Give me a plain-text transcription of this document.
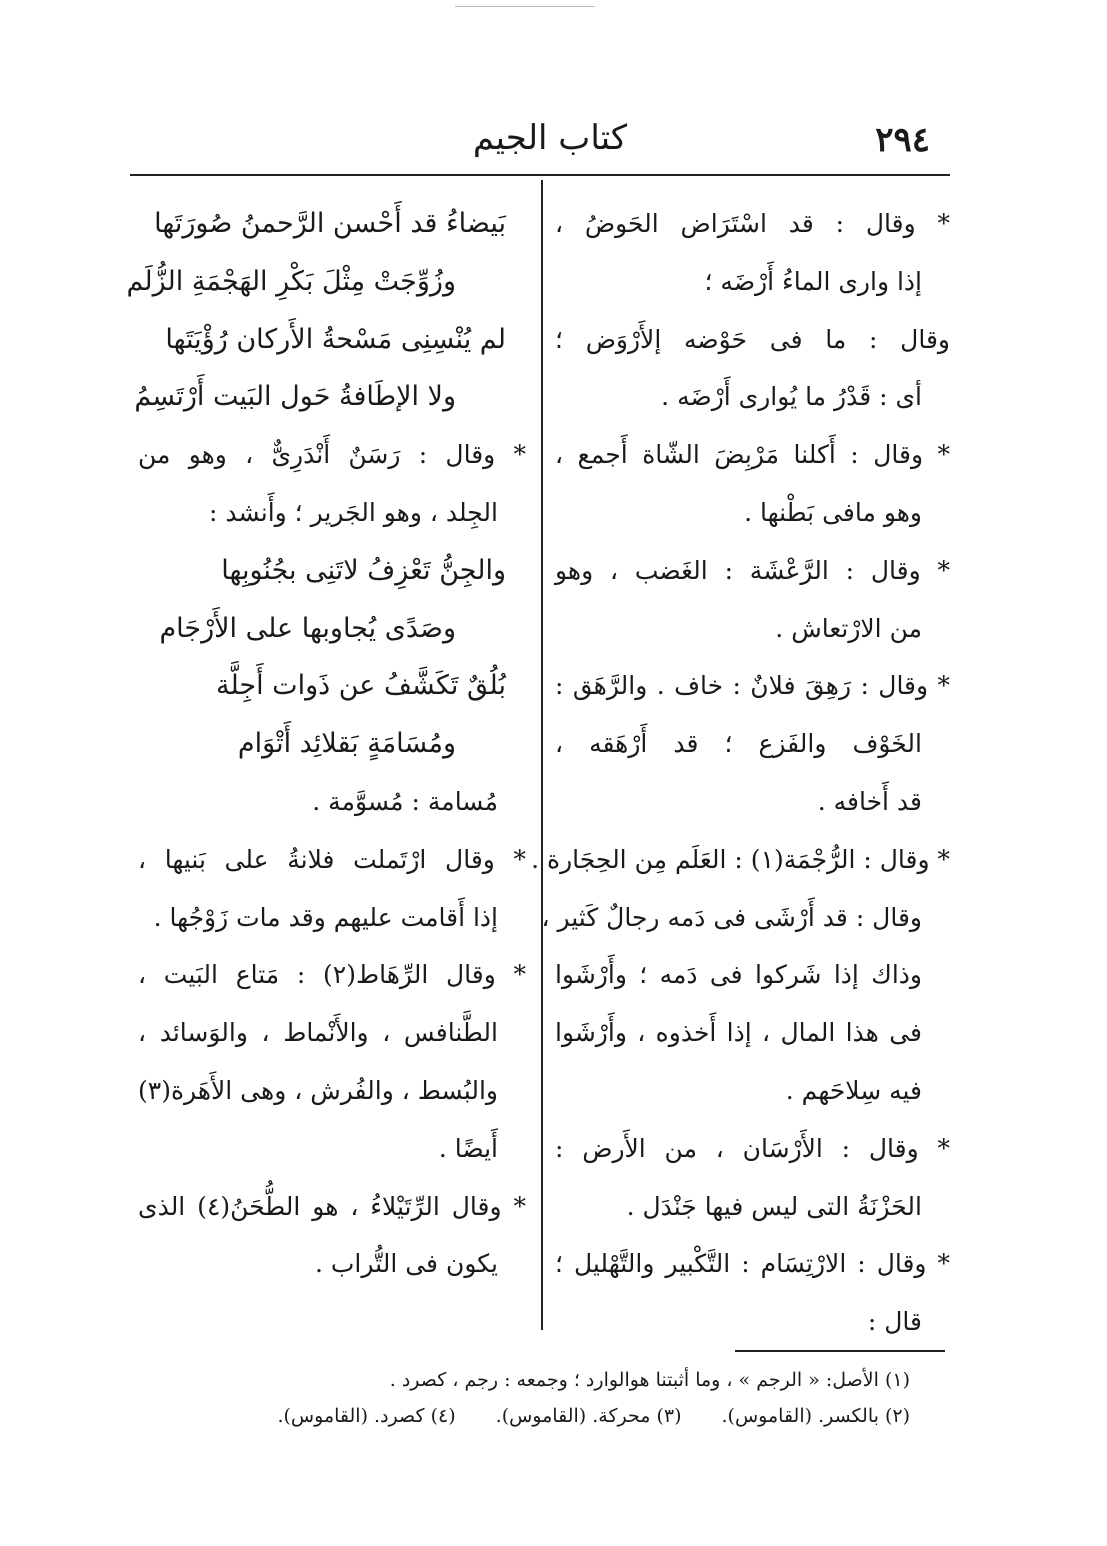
٢٩٤
كتاب الجيم
* وقال : قد اسْتَرَاض الحَوضُ ،
إذا وارى الماءُ أَرْضَه ؛
وقال : ما فى حَوْضه إلأَرْوَض ؛
أى : قَدْرُ ما يُوارى أَرْضَه .
* وقال : أَكلنا مَرْبِضَ الشّاة أَجمع ،
وهو مافى بَطْنها .
* وقال : الرَّعْشَة : الغَضب ، وهو
من الارْتعاش .
* وقال : رَهِقَ فلانٌ : خاف . والرَّهَق :
الخَوْف والفَزع ؛ قد أَرْهَقه ،
قد أَخافه .
* وقال : الرُّجْمَة(١) : العَلَم مِن الحِجَارة .
وقال : قد أَرْشَى فى دَمه رجالٌ كَثير ،
وذاك إذا شَركوا فى دَمه ؛ وأَرْشَوا
فى هذا المال ، إذا أَخذوه ، وأَرْشَوا
فيه سِلاحَهم .
* وقال : الأَرْسَان ، من الأَرض :
الحَزْنَةُ التى ليس فيها جَنْدَل .
* وقال : الارْتِسَام : التَّكْبير والتَّهْليل ؛
قال :
بَيضاءُ قد أَحْسن الرَّحمنُ صُورَتَها
وزُوِّجَتْ مِثْلَ بَكْرِ الهَجْمَةِ الزُّلَم
لم يُنْسِنِى مَسْحةُ الأَركان رُؤْيَتَها
ولا الإطَافةُ حَول البَيت أَرْتَسِمُ
* وقال : رَسَنٌ أَنْدَرِىٌّ ، وهو من
الجِلد ، وهو الجَرير ؛ وأَنشد :
والجِنُّ تَعْزِفُ لاتَنِى بجُنُوبِها
وصَدًى يُجاوبها على الأَرْجَام
بُلُقٌ تَكَشَّفُ عن ذَوات أَجِلَّة
ومُسَامَةٍ بَقلائِد أَتْوَام
مُسامة : مُسوَّمة .
* وقال ارْتَملت فلانةُ على بَنيها ،
إذا أَقامت عليهم وقد مات زَوْجُها .
* وقال الرِّهَاط(٢) : مَتاع البَيت ،
الطَّنافس ، والأَنْماط ، والوَسائد ،
والبُسط ، والفُرش ، وهى الأَهَرة(٣)
أَيضًا .
* وقال الرِّتَيْلاءُ ، هو الطُّحَنُ(٤) الذى
يكون فى التُّراب .
(١) الأصل: « الرجم » ، وما أثبتنا هوالوارد ؛ وجمعه : رجم ، كصرد .
(٢) بالكسر. (القاموس).
(٣) محركة. (القاموس).
(٤) كصرد. (القاموس).
